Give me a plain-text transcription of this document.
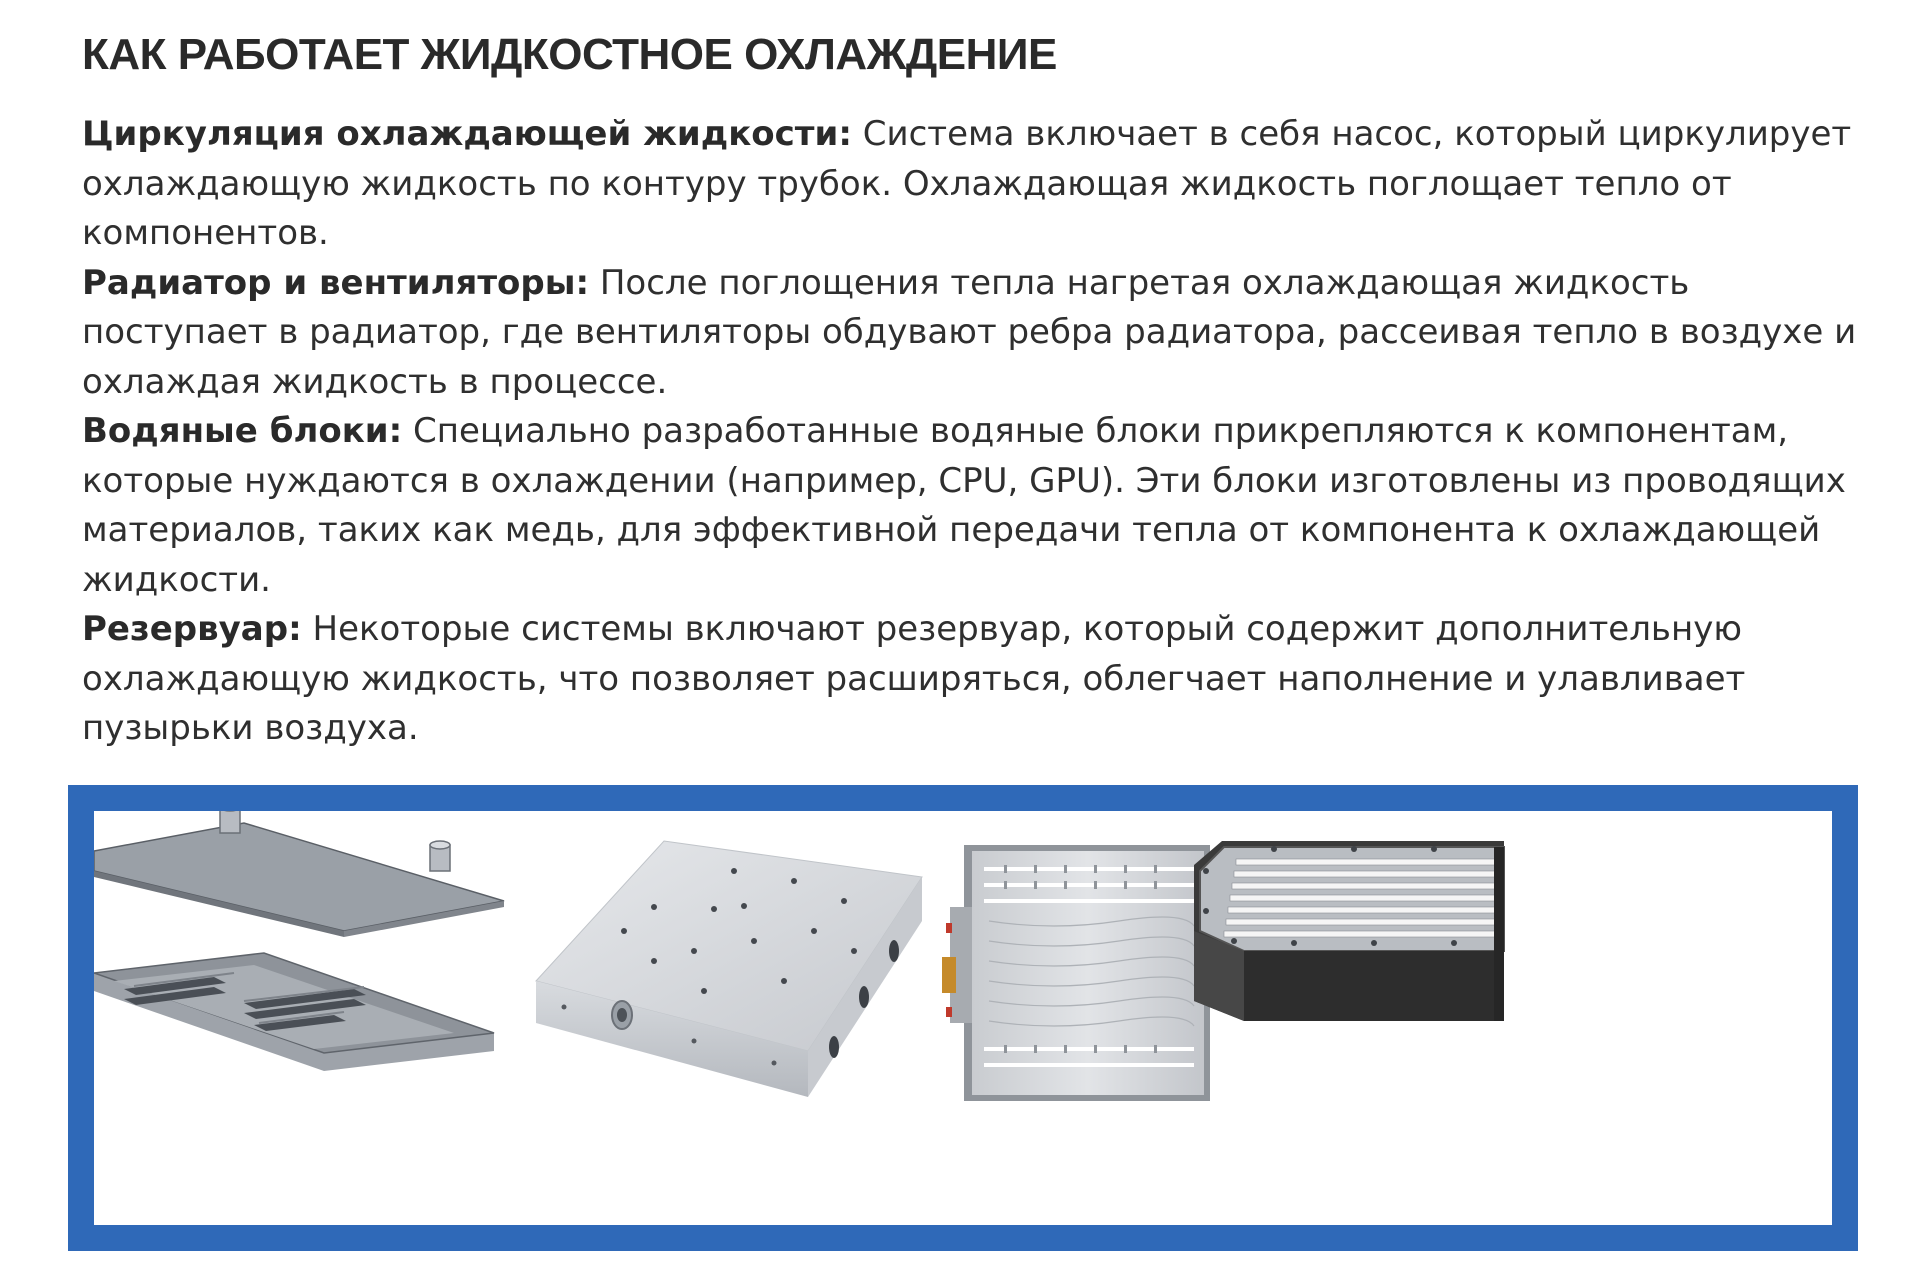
КАК РАБОТАЕТ ЖИДКОСТНОЕ ОХЛАЖДЕНИЕ

Циркуляция охлаждающей жидкости: Система включает в себя насос, который циркулирует охлаждающую жидкость по контуру трубок. Охлаждающая жидкость поглощает тепло от компонентов.

Радиатор и вентиляторы: После поглощения тепла нагретая охлаждающая жидкость поступает в радиатор, где вентиляторы обдувают ребра радиатора, рассеивая тепло в воздухе и охлаждая жидкость в процессе.

Водяные блоки: Специально разработанные водяные блоки прикрепляются к компонентам, которые нуждаются в охлаждении (например, CPU, GPU). Эти блоки изготовлены из проводящих материалов, таких как медь, для эффективной передачи тепла от компонента к охлаждающей жидкости.

Резервуар: Некоторые системы включают резервуар, который содержит дополнительную охлаждающую жидкость, что позволяет расширяться, облегчает наполнение и улавливает пузырьки воздуха.
